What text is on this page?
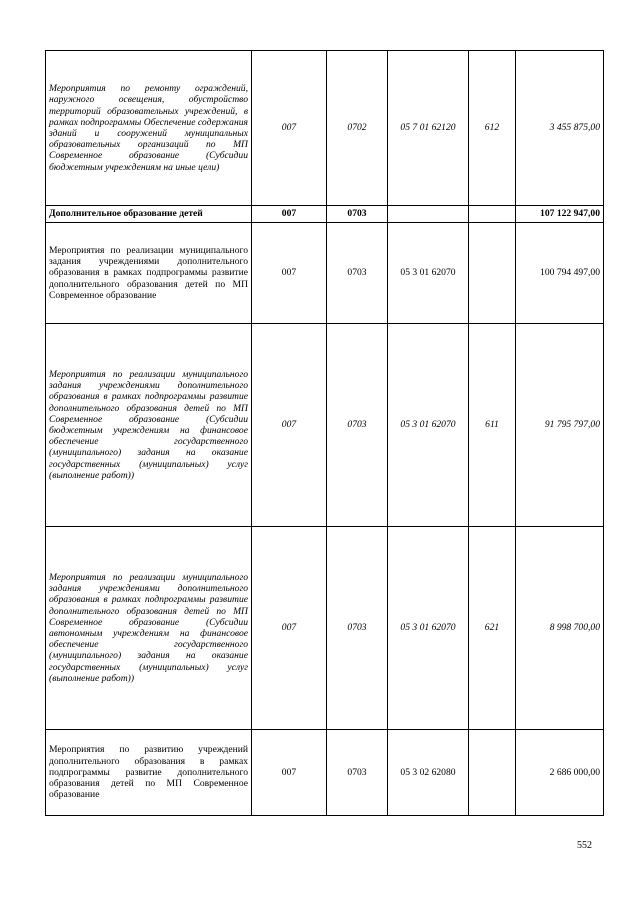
Мероприятия по ремонту ограждений, наружного освещения, обустройство территорий образовательных учреждений, в рамках подпрограммы Обеспечение содержания зданий и сооружений муниципальных образовательных организаций по МП Современное образование (Субсидии бюджетным учреждениям на иные цели)	007	0702	05 7 01 62120	612	3 455 875,00
Дополнительное образование детей	007	0703			107 122 947,00
Мероприятия по реализации муниципального задания учреждениями дополнительного образования в рамках подпрограммы развитие дополнительного образования детей по МП Современное образование	007	0703	05 3 01 62070		100 794 497,00
Мероприятия по реализации муниципального задания учреждениями дополнительного образования в рамках подпрограммы развитие дополнительного образования детей по МП Современное образование (Субсидии бюджетным учреждениям на финансовое обеспечение государственного (муниципального) задания на оказание государственных (муниципальных) услуг (выполнение работ))	007	0703	05 3 01 62070	611	91 795 797,00
Мероприятия по реализации муниципального задания учреждениями дополнительного образования в рамках подпрограммы развитие дополнительного образования детей по МП Современное образование (Субсидии автономным учреждениям на финансовое обеспечение государственного (муниципального) задания на оказание государственных (муниципальных) услуг (выполнение работ))	007	0703	05 3 01 62070	621	8 998 700,00
Мероприятия по развитию учреждений дополнительного образования в рамках подпрограммы развитие дополнительного образования детей по МП Современное образование	007	0703	05 3 02 62080		2 686 000,00
552
